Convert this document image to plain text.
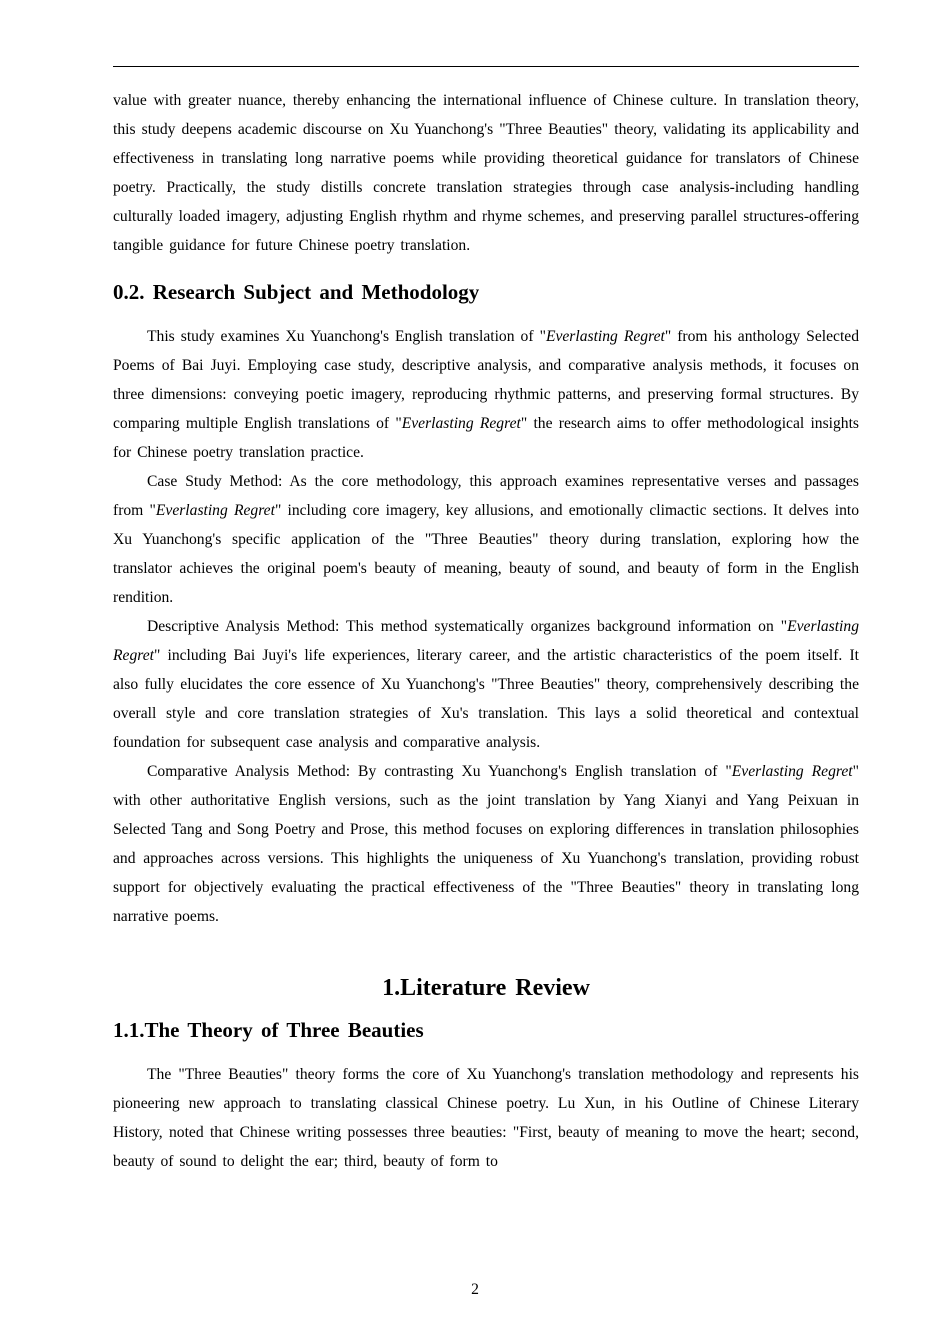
value with greater nuance, thereby enhancing the international influence of Chinese culture. In translation theory, this study deepens academic discourse on Xu Yuanchong's "Three Beauties" theory, validating its applicability and effectiveness in translating long narrative poems while providing theoretical guidance for translators of Chinese poetry. Practically, the study distills concrete translation strategies through case analysis-including handling culturally loaded imagery, adjusting English rhythm and rhyme schemes, and preserving parallel structures-offering tangible guidance for future Chinese poetry translation.

0.2. Research Subject and Methodology

This study examines Xu Yuanchong's English translation of "Everlasting Regret" from his anthology Selected Poems of Bai Juyi. Employing case study, descriptive analysis, and comparative analysis methods, it focuses on three dimensions: conveying poetic imagery, reproducing rhythmic patterns, and preserving formal structures. By comparing multiple English translations of "Everlasting Regret" the research aims to offer methodological insights for Chinese poetry translation practice.

Case Study Method: As the core methodology, this approach examines representative verses and passages from "Everlasting Regret" including core imagery, key allusions, and emotionally climactic sections. It delves into Xu Yuanchong's specific application of the "Three Beauties" theory during translation, exploring how the translator achieves the original poem's beauty of meaning, beauty of sound, and beauty of form in the English rendition.

Descriptive Analysis Method: This method systematically organizes background information on "Everlasting Regret" including Bai Juyi's life experiences, literary career, and the artistic characteristics of the poem itself. It also fully elucidates the core essence of Xu Yuanchong's "Three Beauties" theory, comprehensively describing the overall style and core translation strategies of Xu's translation. This lays a solid theoretical and contextual foundation for subsequent case analysis and comparative analysis.

Comparative Analysis Method: By contrasting Xu Yuanchong's English translation of "Everlasting Regret" with other authoritative English versions, such as the joint translation by Yang Xianyi and Yang Peixuan in Selected Tang and Song Poetry and Prose, this method focuses on exploring differences in translation philosophies and approaches across versions. This highlights the uniqueness of Xu Yuanchong's translation, providing robust support for objectively evaluating the practical effectiveness of the "Three Beauties" theory in translating long narrative poems.

1.Literature Review
1.1.The Theory of Three Beauties

The "Three Beauties" theory forms the core of Xu Yuanchong's translation methodology and represents his pioneering new approach to translating classical Chinese poetry. Lu Xun, in his Outline of Chinese Literary History, noted that Chinese writing possesses three beauties: "First, beauty of meaning to move the heart; second, beauty of sound to delight the ear; third, beauty of form to

2
